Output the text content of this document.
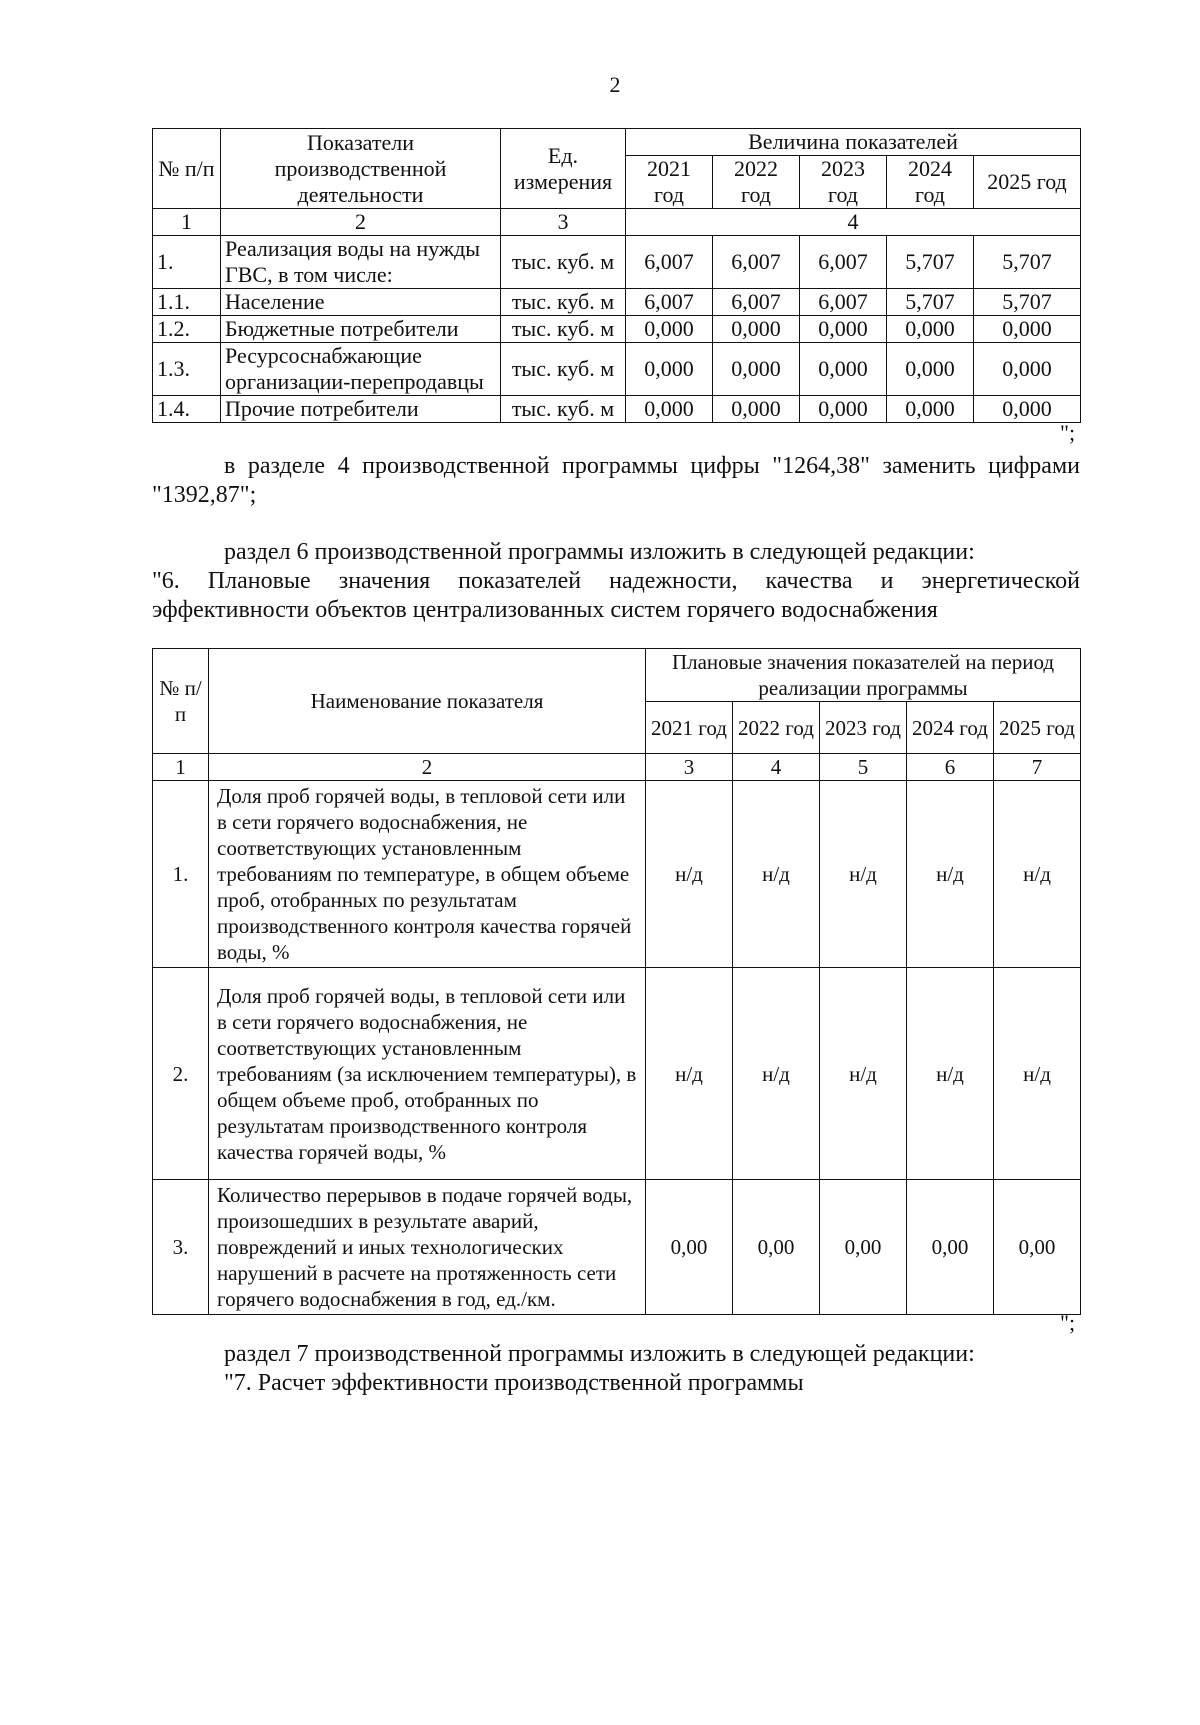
2
№ п/п	Показатели производственной деятельности	Ед. измерения	Величина показателей				
			2021 год	2022 год	2023 год	2024 год	2025 год
1	2	3	4				
1.	Реализация воды на нужды ГВС, в том числе:	тыс. куб. м	6,007	6,007	6,007	5,707	5,707
1.1.	Население	тыс. куб. м	6,007	6,007	6,007	5,707	5,707
1.2.	Бюджетные потребители	тыс. куб. м	0,000	0,000	0,000	0,000	0,000
1.3.	Ресурсоснабжающие организации-перепродавцы	тыс. куб. м	0,000	0,000	0,000	0,000	0,000
1.4.	Прочие потребители	тыс. куб. м	0,000	0,000	0,000	0,000	0,000
";
в разделе 4 производственной программы цифры "1264,38" заменить цифрами "1392,87";
раздел 6 производственной программы изложить в следующей редакции:
"6. Плановые значения показателей надежности, качества и энергетической
эффективности объектов централизованных систем горячего водоснабжения
№ п/п	Наименование показателя	Плановые значения показателей на период реализации программы				
		2021 год	2022 год	2023 год	2024 год	2025 год
1	2	3	4	5	6	7
1.	Доля проб горячей воды, в тепловой сети или в сети горячего водоснабжения, не соответствующих установленным требованиям по температуре, в общем объеме проб, отобранных по результатам производственного контроля качества горячей воды, %	н/д	н/д	н/д	н/д	н/д
2.	Доля проб горячей воды, в тепловой сети или в сети горячего водоснабжения, не соответствующих установленным требованиям (за исключением температуры), в общем объеме проб, отобранных по результатам производственного контроля качества горячей воды, %	н/д	н/д	н/д	н/д	н/д
3.	Количество перерывов в подаче горячей воды, произошедших в результате аварий, повреждений и иных технологических нарушений в расчете на протяженность сети горячего водоснабжения в год, ед./км.	0,00	0,00	0,00	0,00	0,00
";
раздел 7 производственной программы изложить в следующей редакции:
"7. Расчет эффективности производственной программы
